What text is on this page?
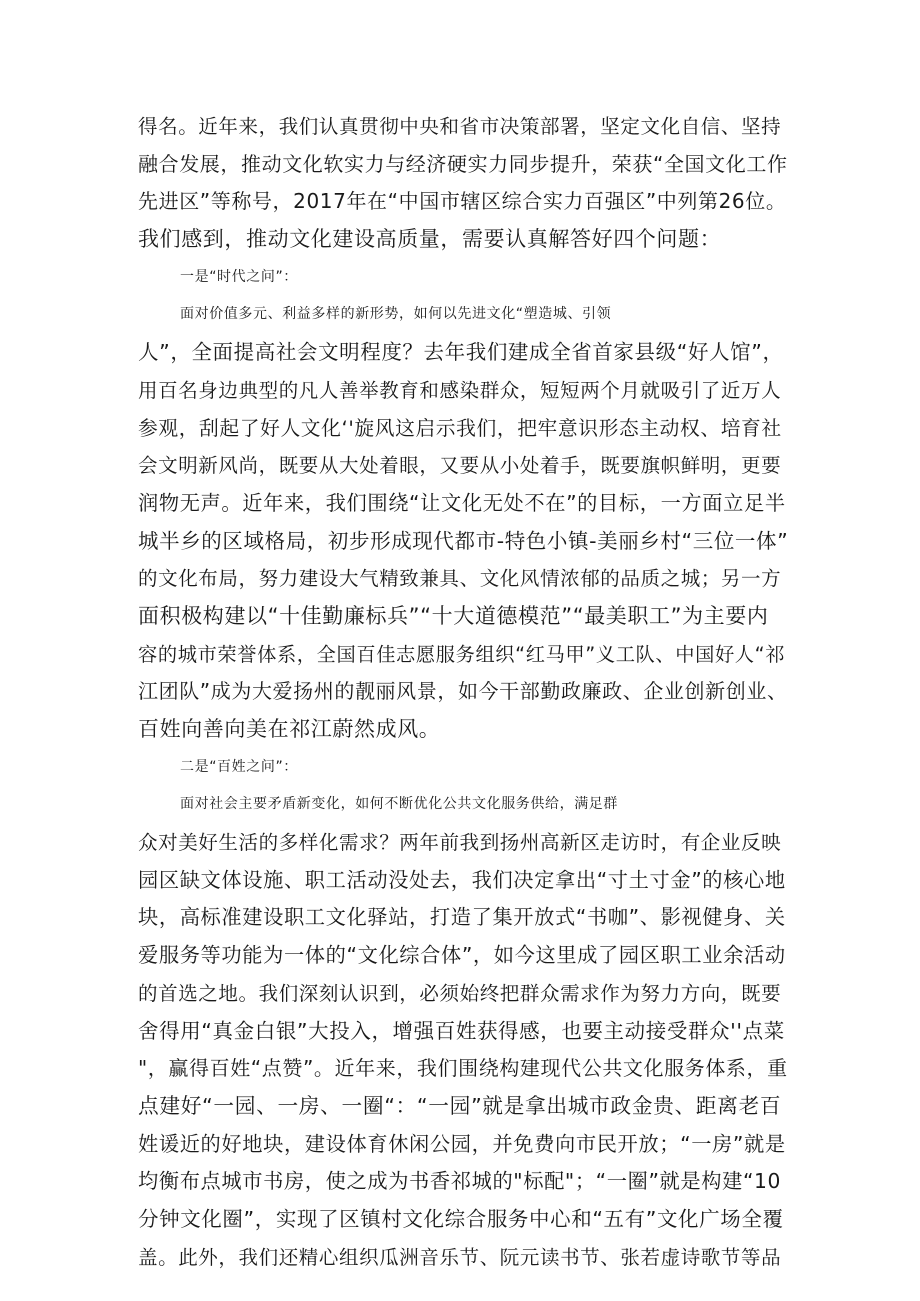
得名。近年来，我们认真贯彻中央和省市决策部署，坚定文化自信、坚持
融合发展，推动文化软实力与经济硬实力同步提升，荣获“全国文化工作
先进区”等称号，2017年在“中国市辖区综合实力百强区”中列第26位。
我们感到，推动文化建设高质量，需要认真解答好四个问题：
一是“时代之问”：
面对价值多元、利益多样的新形势，如何以先进文化“塑造城、引领
人”，全面提高社会文明程度？去年我们建成全省首家县级“好人馆”，
用百名身边典型的凡人善举教育和感染群众，短短两个月就吸引了近万人
参观，刮起了好人文化‘'旋风这启示我们，把牢意识形态主动权、培育社
会文明新风尚，既要从大处着眼，又要从小处着手，既要旗帜鲜明，更要
润物无声。近年来，我们围绕“让文化无处不在”的目标，一方面立足半
城半乡的区域格局，初步形成现代都市-特色小镇-美丽乡村“三位一体”
的文化布局，努力建设大气精致兼具、文化风情浓郁的品质之城；另一方
面积极构建以“十佳勤廉标兵”“十大道德模范”“最美职工”为主要内
容的城市荣誉体系，全国百佳志愿服务组织“红马甲”义工队、中国好人“祁
江团队”成为大爱扬州的靓丽风景，如今干部勤政廉政、企业创新创业、
百姓向善向美在祁江蔚然成风。
二是“百姓之问”：
面对社会主要矛盾新变化，如何不断优化公共文化服务供给，满足群
众对美好生活的多样化需求？两年前我到扬州高新区走访时，有企业反映
园区缺文体设施、职工活动没处去，我们决定拿出“寸土寸金”的核心地
块，高标准建设职工文化驿站，打造了集开放式“书咖”、影视健身、关
爱服务等功能为一体的“文化综合体”，如今这里成了园区职工业余活动
的首选之地。我们深刻认识到，必须始终把群众需求作为努力方向，既要
舍得用“真金白银”大投入，增强百姓获得感，也要主动接受群众''点菜
"，赢得百姓“点赞”。近年来，我们围绕构建现代公共文化服务体系，重
点建好“一园、一房、一圈“：“一园”就是拿出城市政金贵、距离老百
姓谖近的好地块，建设体育休闲公园，并免费向市民开放；“一房”就是
均衡布点城市书房，使之成为书香祁城的"标配"；“一圈”就是构建“10
分钟文化圈”，实现了区镇村文化综合服务中心和“五有”文化广场全覆
盖。此外，我们还精心组织瓜洲音乐节、阮元读书节、张若虚诗歌节等品
